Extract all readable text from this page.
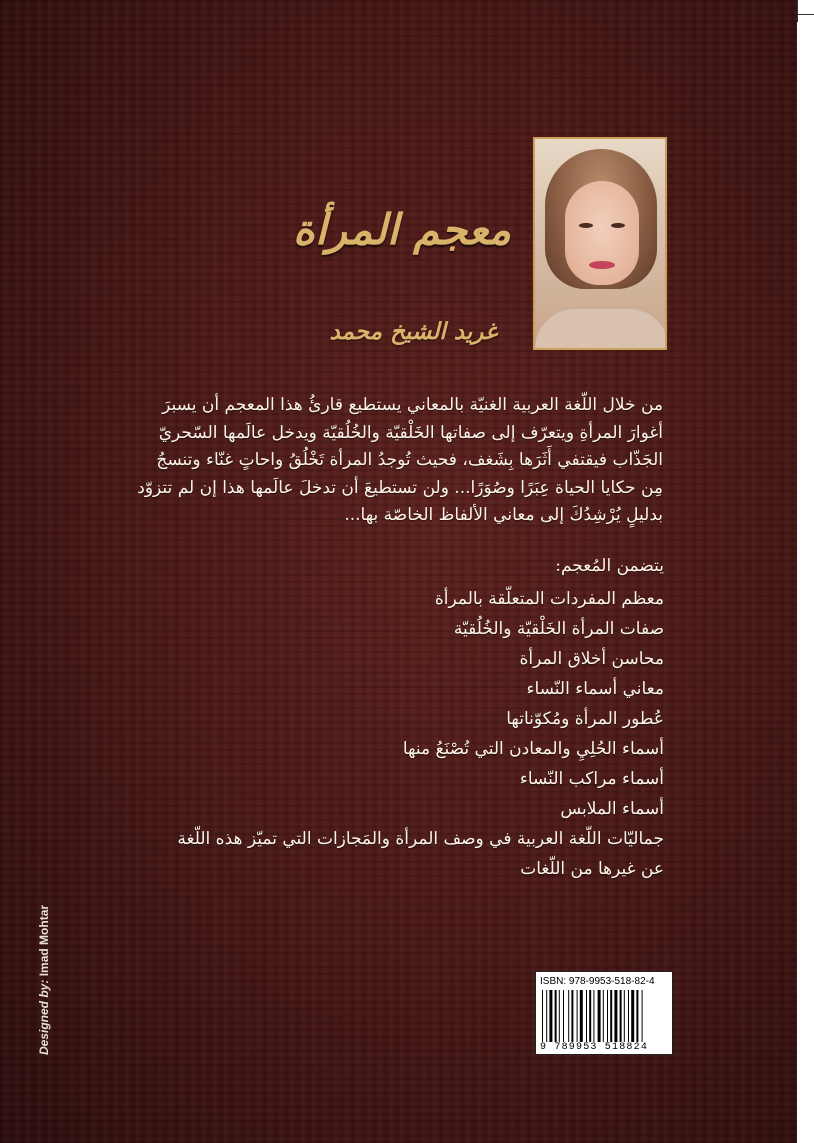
معجم المرأة
غريد الشيخ محمد

من خلال اللّغة العربية الغنيّة بالمعاني يستطيع قارئُ هذا المعجم أن يسبرَ

أغوارَ المرأةِ ويتعرّف إلى صفاتها الخَلْقيّة والخُلُقيّة ويدخل عالَمها السّحريّ

الجَذّاب فيقتفي أَثَرَها بِشَغف، فحيث تُوجدُ المرأة تَخْلُقُ واحاتٍ غنّاء وتنسجُ

مِن حكايا الحياة عِبَرًا وصُوَرًا... ولن تستطيعَ أن تدخلَ عالَمها هذا إن لم تتزوّد

بدليلٍ يُرْشِدُكَ إلى معاني الألفاظ الخاصّة بها...

يتضمن المُعجم:
معظم المفردات المتعلّقة بالمرأة
صفات المرأة الخَلْقيّة والخُلُقيّة
محاسن أخلاق المرأة
معاني أسماء النّساء
عُطور المرأة ومُكوّناتها
أسماء الحُلِيِ والمعادن التي تُصْنَعُ منها
أسماء مراكب النّساء
أسماء الملابس
جماليّات اللّغة العربية في وصف المرأة والمَجازات التي تميّز هذه اللّغة
عن غيرها من اللّغات
Designed by: Imad Mohtar
ISBN: 978-9953-518-82-4
9 789953 518824
